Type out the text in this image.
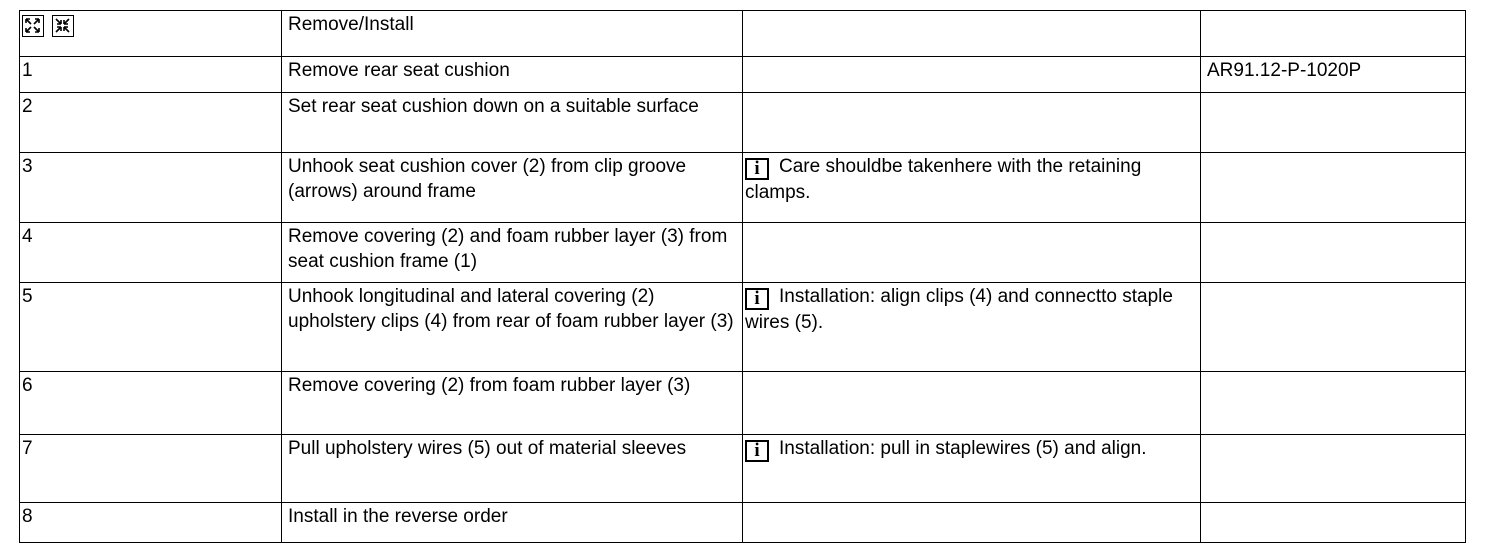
	Remove/Install		
1	Remove rear seat cushion		AR91.12-P-1020P
2	Set rear seat cushion down on a suitable surface		
3	Unhook seat cushion cover (2) from clip groove (arrows) around frame	i Care shouldbe takenhere with the retaining clamps.	
4	Remove covering (2) and foam rubber layer (3) from seat cushion frame (1)		
5	Unhook longitudinal and lateral covering (2) upholstery clips (4) from rear of foam rubber layer (3)	i Installation: align clips (4) and connectto staple wires (5).	
6	Remove covering (2) from foam rubber layer (3)		
7	Pull upholstery wires (5) out of material sleeves	i Installation: pull in staplewires (5) and align.	
8	Install in the reverse order		
